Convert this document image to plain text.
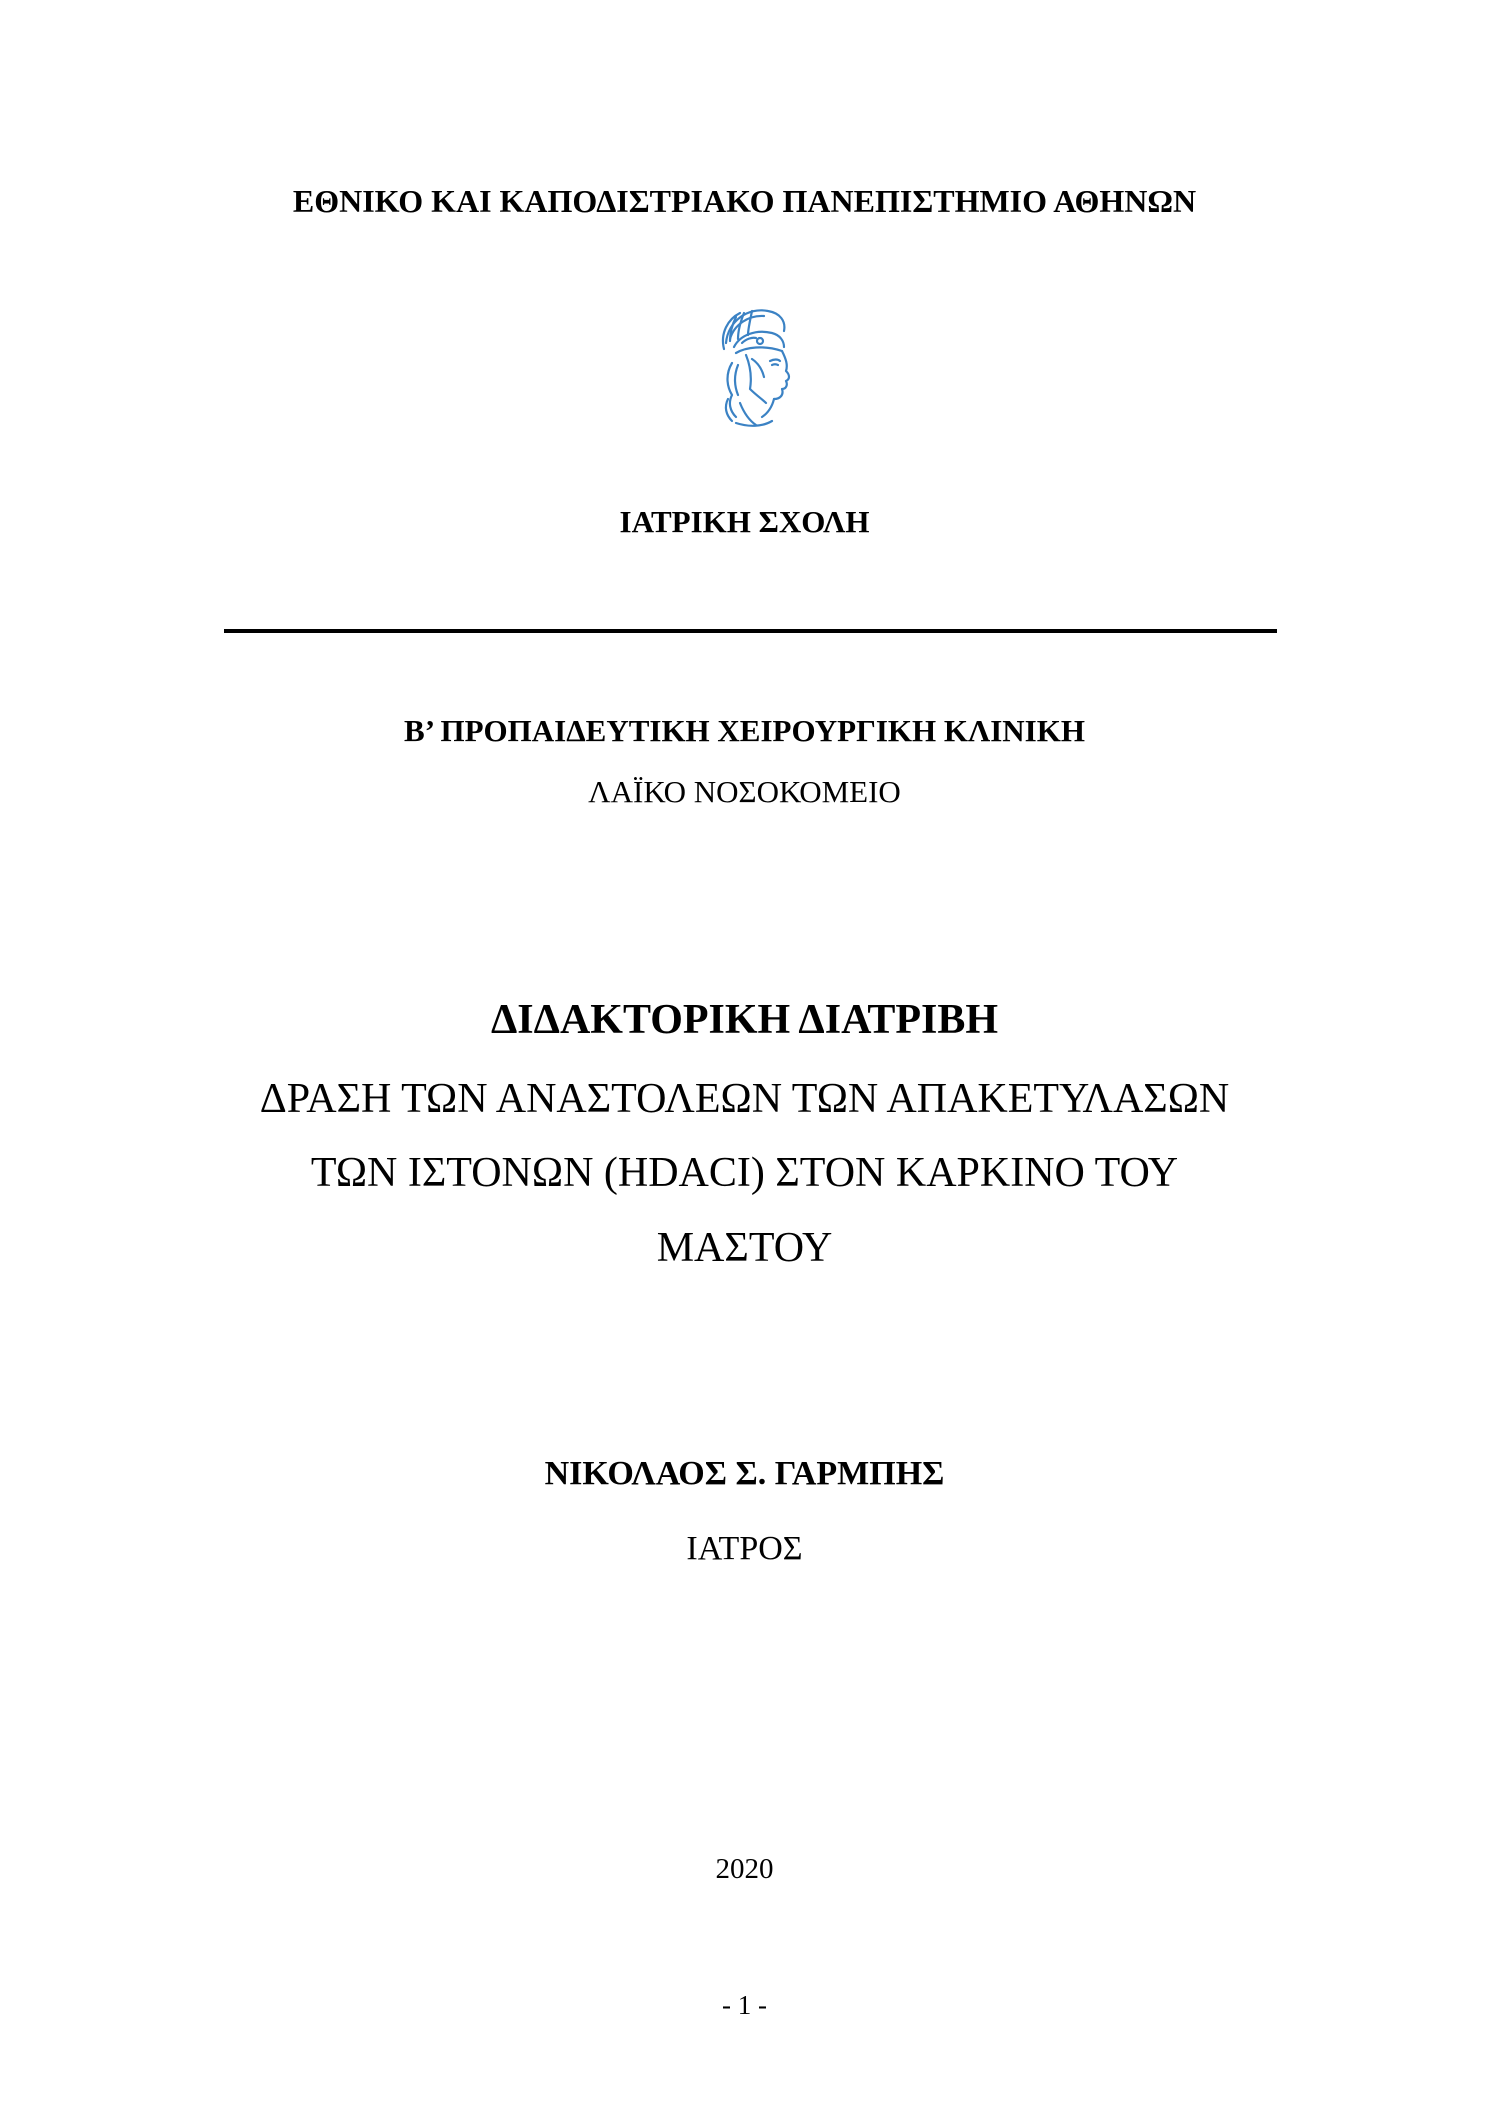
ΕΘΝΙΚΟ ΚΑΙ ΚΑΠΟΔΙΣΤΡΙΑΚΟ ΠΑΝΕΠΙΣΤΗΜΙΟ ΑΘΗΝΩΝ
ΙΑΤΡΙΚΗ ΣΧΟΛΗ
Β’ ΠΡΟΠΑΙΔΕΥΤΙΚΗ ΧΕΙΡΟΥΡΓΙΚΗ ΚΛΙΝΙΚΗ
ΛΑΪΚΟ ΝΟΣΟΚΟΜΕΙΟ
ΔΙΔΑΚΤΟΡΙΚΗ ΔΙΑΤΡΙΒΗ
ΔΡΑΣΗ ΤΩΝ ΑΝΑΣΤΟΛΕΩΝ ΤΩΝ ΑΠΑΚΕΤΥΛΑΣΩΝ
ΤΩΝ ΙΣΤΟΝΩΝ (HDACI) ΣΤΟΝ ΚΑΡΚΙΝΟ ΤΟΥ
ΜΑΣΤΟΥ
ΝΙΚΟΛΑΟΣ Σ. ΓΑΡΜΠΗΣ
ΙΑΤΡΟΣ
2020
- 1 -
